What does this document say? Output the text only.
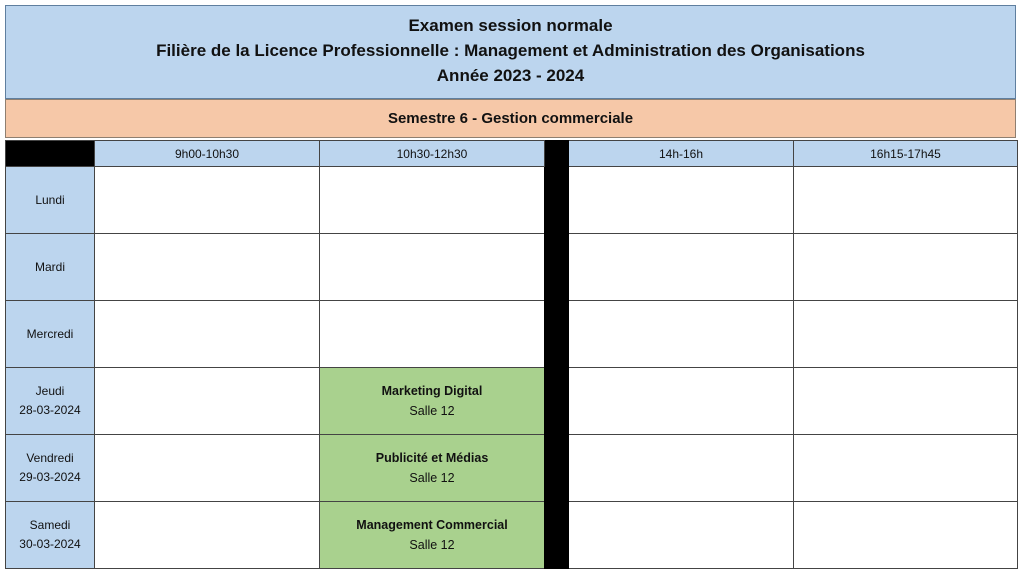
Examen session normale
Filière de la Licence Professionnelle : Management et Administration des Organisations
Année 2023 - 2024
Semestre 6 - Gestion commerciale
	9h00-10h30	10h30-12h30		14h-16h	16h15-17h45
Lundi					
Mardi					
Mercredi					
Jeudi
28-03-2024		Marketing Digital
Salle 12			

Vendredi
29-03-2024		Publicité et Médias
Salle 12			

Samedi
30-03-2024		Management Commercial
Salle 12			
